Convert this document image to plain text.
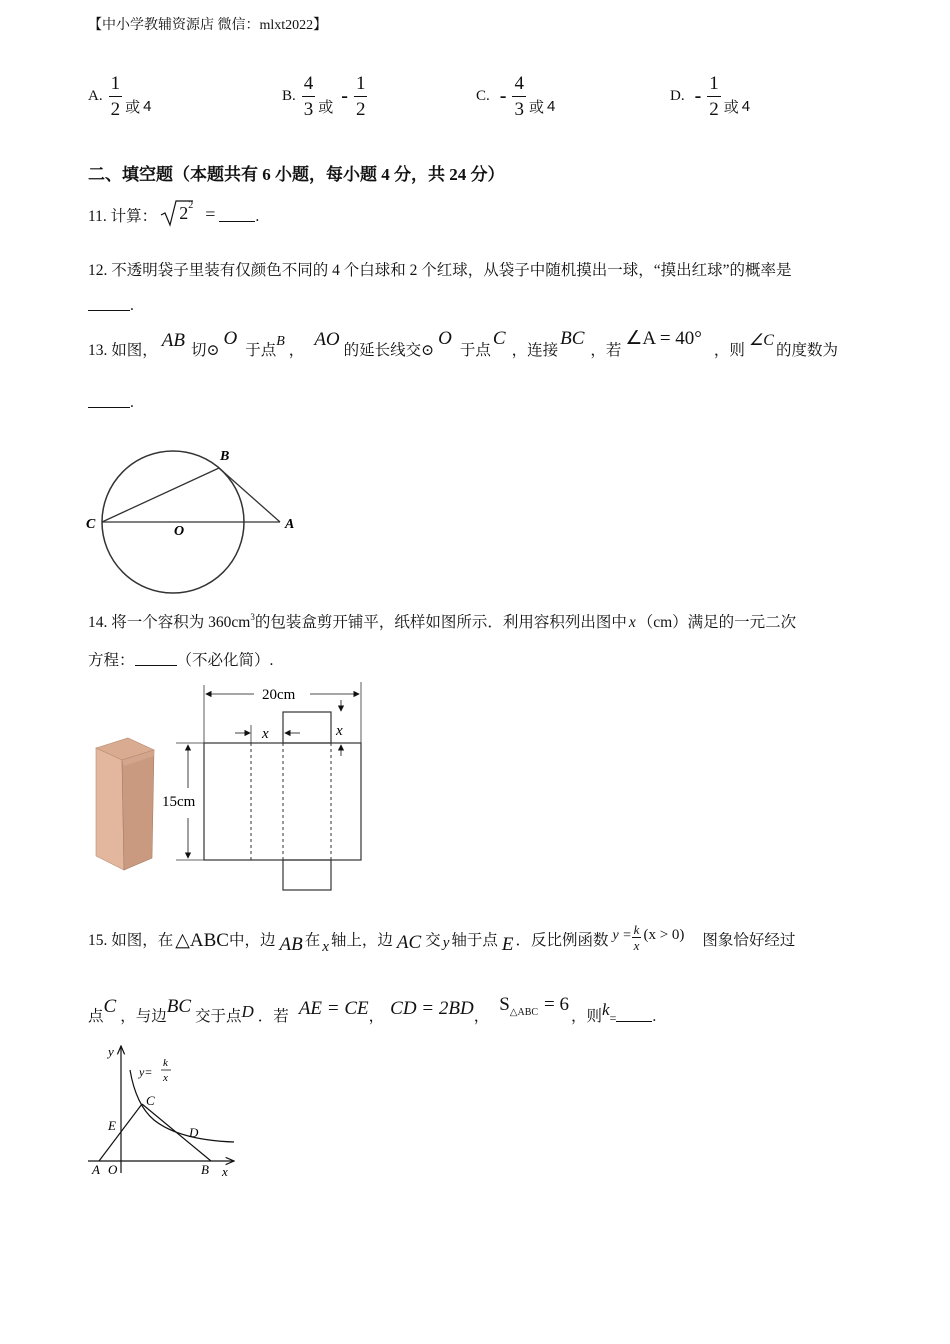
【中小学教辅资源店 微信：mlxt2022】
A. $\frac{1}{2}$ 或 4
B. $\frac{4}{3}$ 或
- $\frac{1}{2}$	C. - $\frac{4}{3}$ 或 4
D. - $\frac{1}{2}$ 或 4
二、填空题（本题共有 6 小题，每小题 4 分，共 24 分）
11. 计算： 2 2 =	.
12. 不透明袋子里装有仅颜色不同的 4 个白球和 2 个红球，从袋子中随机摸出一球，“摸出红球”的概率是
.
13. 如图， AB 切⊙
O
于点
B
，
AO
的延长线交⊙
O
于点
C
，连接
BC
，若
∠A = 40°
，则
∠C
的度数为
.
B
C	O	A
14. 将一个容积为 360cm 3 的包装盒剪开铺平，纸样如图所示．利用容积列出图中 x （cm）满足的一元二次
方程：	（不必化简）.
20cm
x	x
15cm
15. 如图，在 △ABC 中，边 AB 在 x 轴上，边 AC 交 y 轴于点 E ．反比例函数 $y = \frac{k}{x} (x > 0)$ 图象恰好经过
点 C ，与边 BC 交于点 D ．若 AE = CE ， CD = 2BD ，
S △ABC = 6
，则 k = .
y
x
y=
k
x
C
E	D
A O	B
